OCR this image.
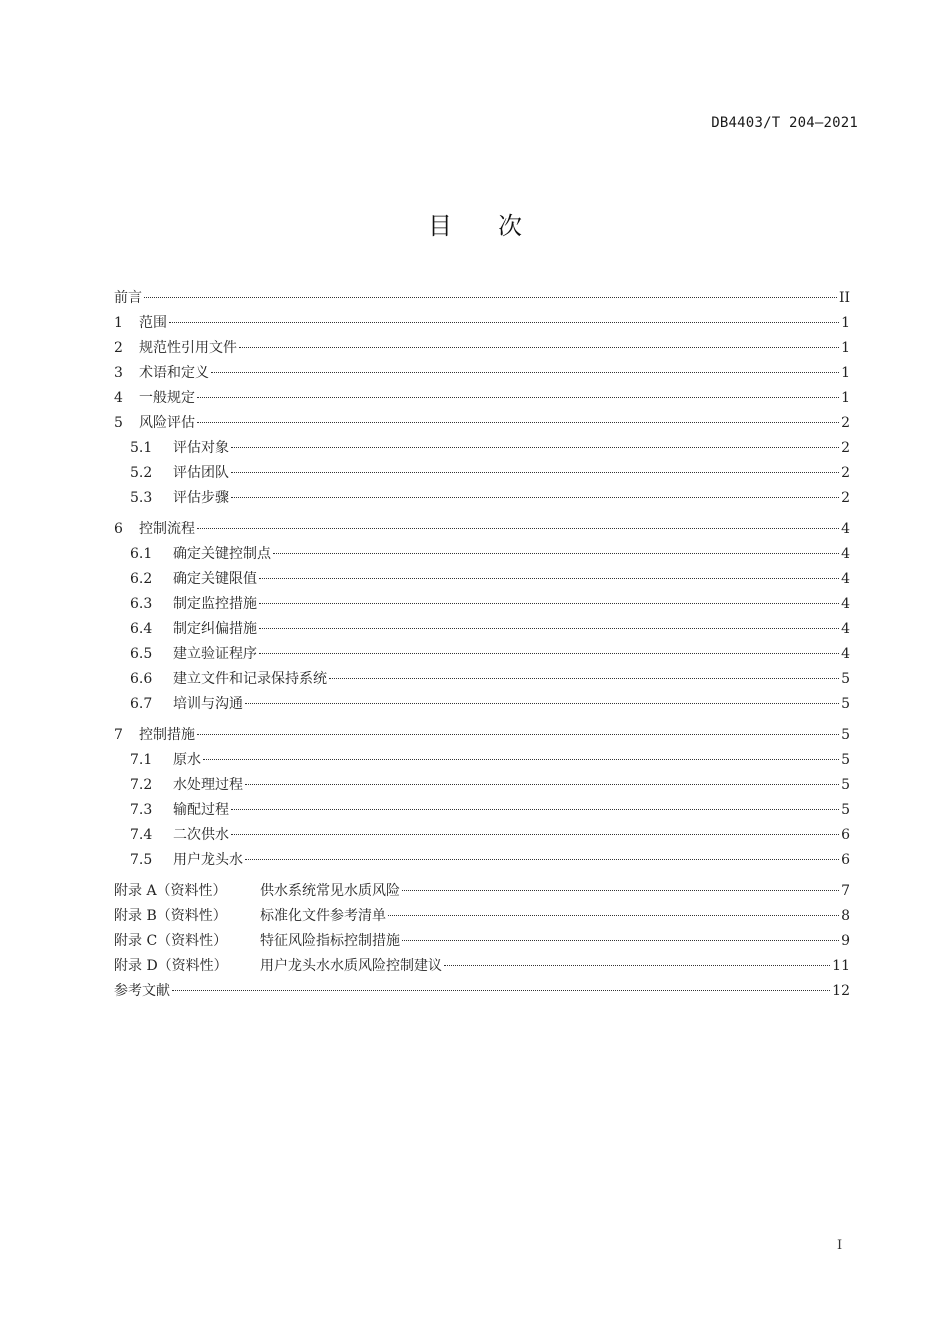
DB4403/T 204—2021
目次
前言	II
1	范围	1
2	规范性引用文件	1
3	术语和定义	1
4	一般规定	1
5	风险评估	2
5.1	评估对象	2
5.2	评估团队	2
5.3	评估步骤	2
6	控制流程	4
6.1	确定关键控制点	4
6.2	确定关键限值	4
6.3	制定监控措施	4
6.4	制定纠偏措施	4
6.5	建立验证程序	4
6.6	建立文件和记录保持系统	5
6.7	培训与沟通	5
7	控制措施	5
7.1	原水	5
7.2	水处理过程	5
7.3	输配过程	5
7.4	二次供水	6
7.5	用户龙头水	6
附录 A（资料性）	供水系统常见水质风险	7
附录 B（资料性）	标准化文件参考清单	8
附录 C（资料性）	特征风险指标控制措施	9
附录 D（资料性）	用户龙头水水质风险控制建议	11
参考文献	12
I
